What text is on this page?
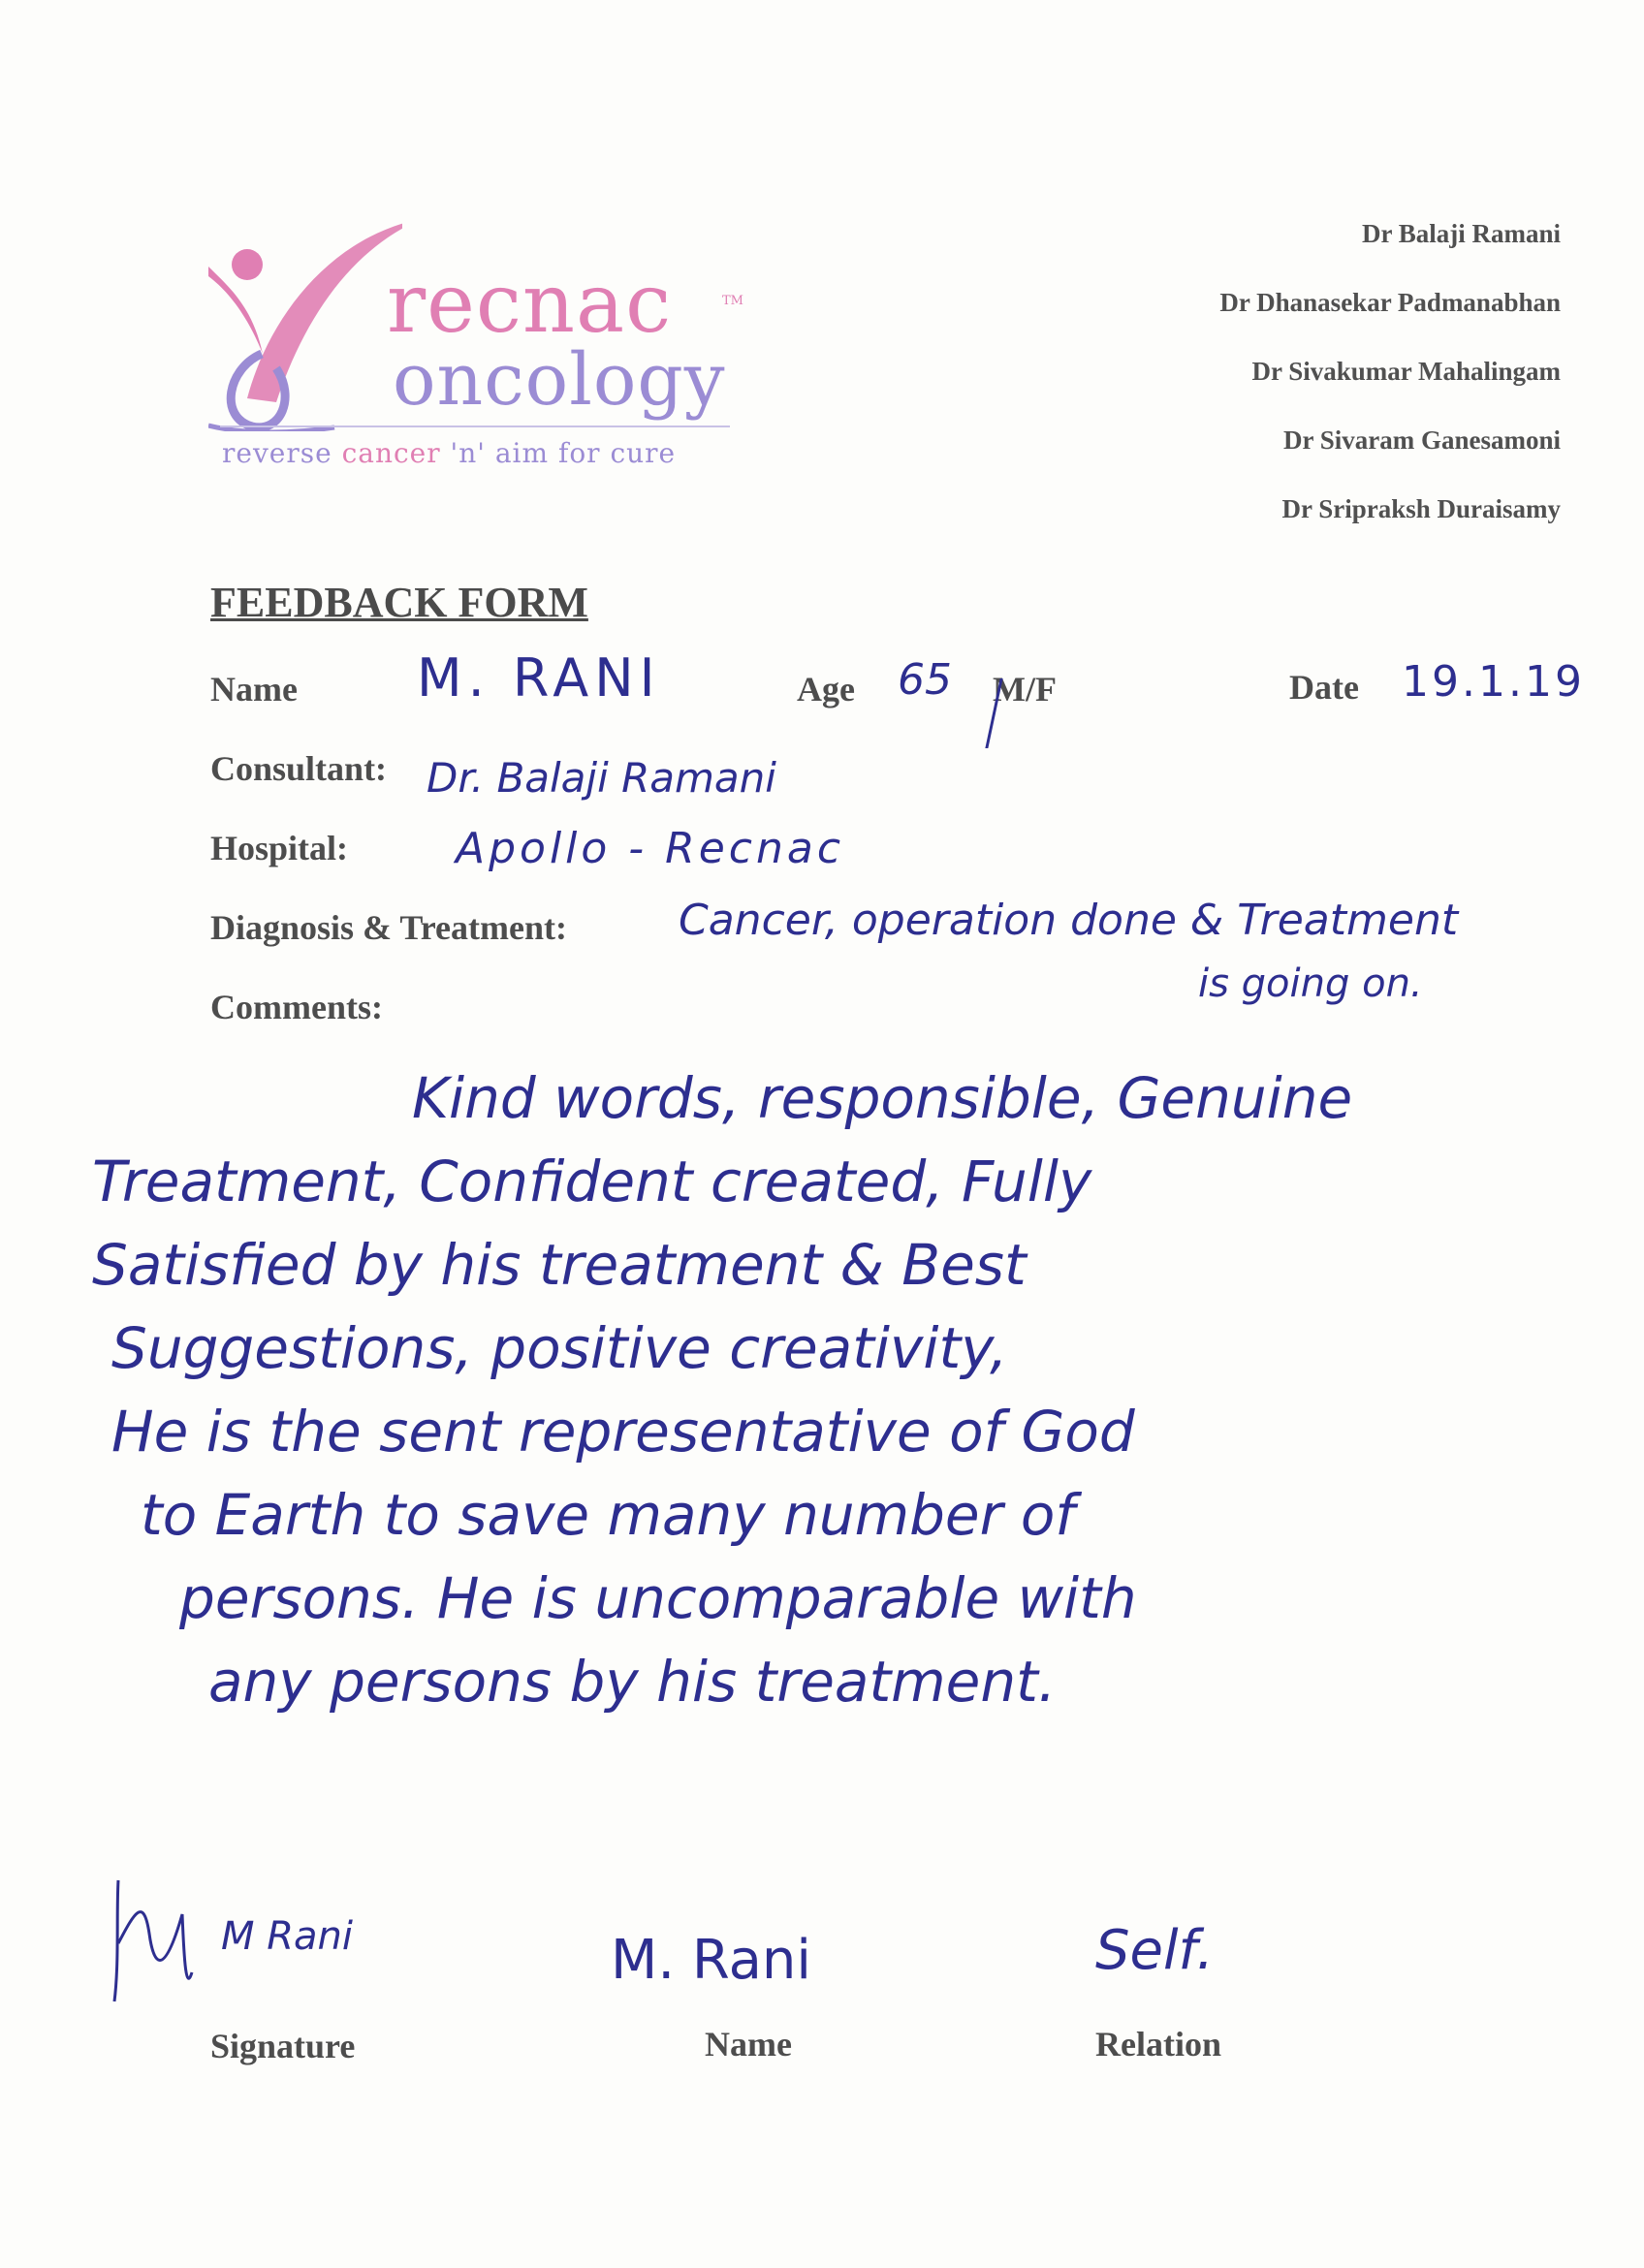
recnac	TM
oncology
reverse cancer 'n' aim for cure
Dr Balaji Ramani
Dr Dhanasekar Padmanabhan
Dr Sivakumar Mahalingam
Dr Sivaram Ganesamoni
Dr Sripraksh Duraisamy
FEEDBACK FORM
Name M. RANI	Age 65 M/F	Date 19.1.19
Consultant: Dr. Balaji Ramani
Hospital:	Apollo - Recnac
Diagnosis & Treatment:	Cancer, operation done & Treatment
is going on.
Comments:
Kind words, responsible, Genuine
Treatment, Confident created, Fully
Satisfied by his treatment & Best
Suggestions, positive creativity,
He is the sent representative of God
to Earth to save many number of
persons. He is uncomparable with
any persons by his treatment.
M Rani	M. Rani	Self.
Signature	Name	Relation
